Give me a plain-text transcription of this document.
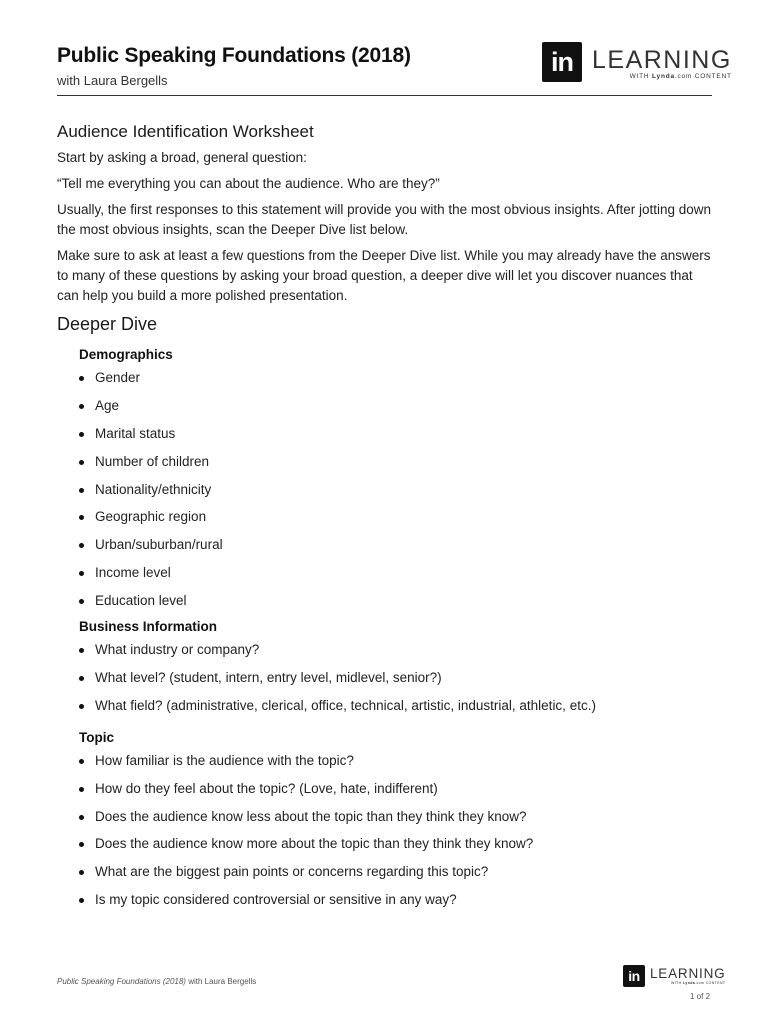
Public Speaking Foundations (2018)
with Laura Bergells
in LEARNING
WITH Lynda.com CONTENT
Audience Identification Worksheet

Start by asking a broad, general question:

“Tell me everything you can about the audience. Who are they?”

Usually, the first responses to this statement will provide you with the most obvious insights. After jotting down the most obvious insights, scan the Deeper Dive list below.

Make sure to ask at least a few questions from the Deeper Dive list. While you may already have the answers to many of these questions by asking your broad question, a deeper dive will let you discover nuances that can help you build a more polished presentation.

Deeper Dive
Demographics
Gender
Age
Marital status
Number of children
Nationality/ethnicity
Geographic region
Urban/suburban/rural
Income level
Education level
Business Information
What industry or company?
What level? (student, intern, entry level, midlevel, senior?)
What field? (administrative, clerical, office, technical, artistic, industrial, athletic, etc.)
Topic
How familiar is the audience with the topic?
How do they feel about the topic? (Love, hate, indifferent)
Does the audience know less about the topic than they think they know?
Does the audience know more about the topic than they think they know?
What are the biggest pain points or concerns regarding this topic?
Is my topic considered controversial or sensitive in any way?
Public Speaking Foundations (2018) with Laura Bergells	in LEARNING
WITH Lynda.com CONTENT
1 of 2
